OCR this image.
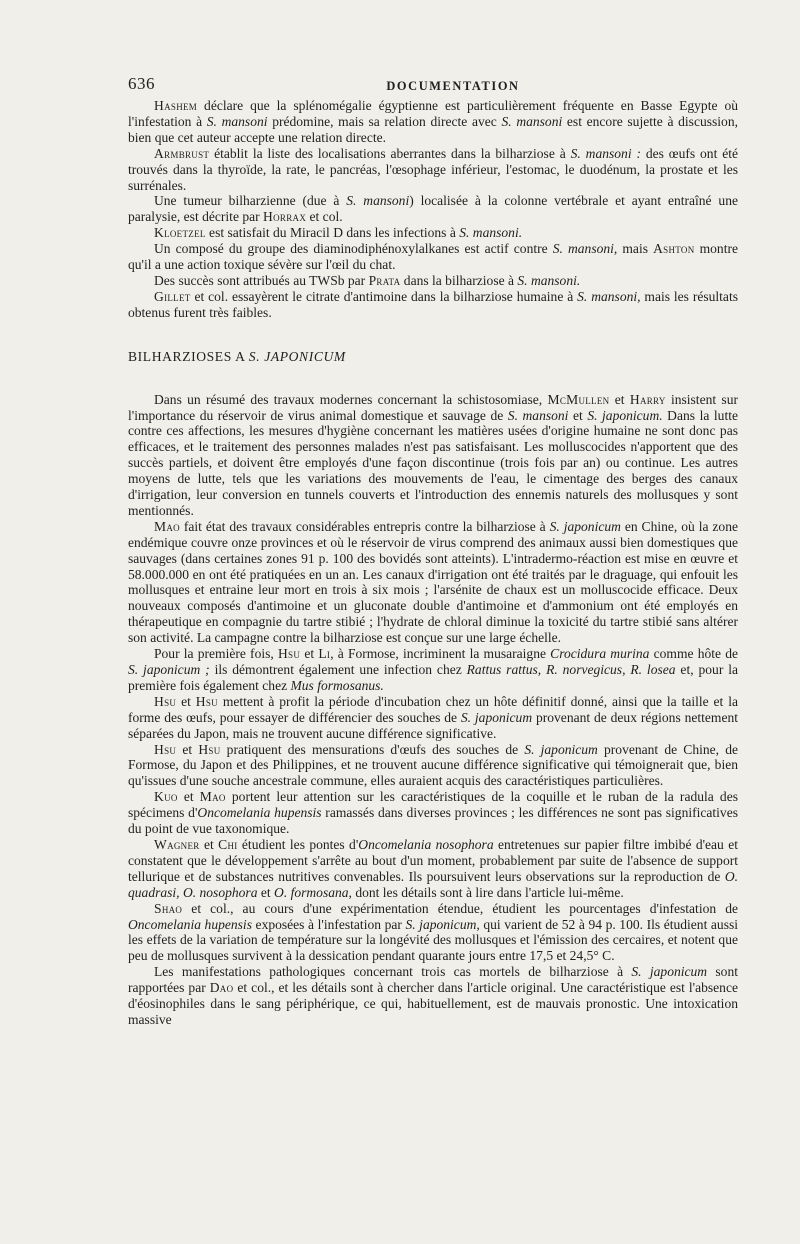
636	DOCUMENTATION

Hashem déclare que la splénomégalie égyptienne est particulièrement fréquente en Basse Egypte où l'infestation à S. mansoni prédomine, mais sa relation directe avec S. mansoni est encore sujette à discussion, bien que cet auteur accepte une relation directe.

Armbrust établit la liste des localisations aberrantes dans la bilharziose à S. mansoni : des œufs ont été trouvés dans la thyroïde, la rate, le pancréas, l'œsophage inférieur, l'estomac, le duodénum, la prostate et les surrénales.

Une tumeur bilharzienne (due à S. mansoni) localisée à la colonne vertébrale et ayant entraîné une paralysie, est décrite par Horrax et col.

Kloetzel est satisfait du Miracil D dans les infections à S. mansoni.

Un composé du groupe des diaminodiphénoxylalkanes est actif contre S. mansoni, mais Ashton montre qu'il a une action toxique sévère sur l'œil du chat.

Des succès sont attribués au TWSb par Prata dans la bilharziose à S. mansoni.

Gillet et col. essayèrent le citrate d'antimoine dans la bilharziose humaine à S. mansoni, mais les résultats obtenus furent très faibles.

BILHARZIOSES A S. JAPONICUM

Dans un résumé des travaux modernes concernant la schistosomiase, McMullen et Harry insistent sur l'importance du réservoir de virus animal domestique et sauvage de S. mansoni et S. japonicum. Dans la lutte contre ces affections, les mesures d'hygiène concernant les matières usées d'origine humaine ne sont donc pas efficaces, et le traitement des personnes malades n'est pas satisfaisant. Les molluscocides n'apportent que des succès partiels, et doivent être employés d'une façon discontinue (trois fois par an) ou continue. Les autres moyens de lutte, tels que les variations des mouvements de l'eau, le cimentage des berges des canaux d'irrigation, leur conversion en tunnels couverts et l'introduction des ennemis naturels des mollusques y sont mentionnés.

Mao fait état des travaux considérables entrepris contre la bilharziose à S. japonicum en Chine, où la zone endémique couvre onze provinces et où le réservoir de virus comprend des animaux aussi bien domestiques que sauvages (dans certaines zones 91 p. 100 des bovidés sont atteints). L'intradermo-réaction est mise en œuvre et 58.000.000 en ont été pratiquées en un an. Les canaux d'irrigation ont été traités par le draguage, qui enfouit les mollusques et entraine leur mort en trois à six mois ; l'arsénite de chaux est un molluscocide efficace. Deux nouveaux composés d'antimoine et un gluconate double d'antimoine et d'ammonium ont été employés en thérapeutique en compagnie du tartre stibié ; l'hydrate de chloral diminue la toxicité du tartre stibié sans altérer son activité. La campagne contre la bilharziose est conçue sur une large échelle.

Pour la première fois, Hsu et Li, à Formose, incriminent la musaraigne Crocidura murina comme hôte de S. japonicum ; ils démontrent également une infection chez Rattus rattus, R. norvegicus, R. losea et, pour la première fois également chez Mus formosanus.

Hsu et Hsu mettent à profit la période d'incubation chez un hôte définitif donné, ainsi que la taille et la forme des œufs, pour essayer de différencier des souches de S. japonicum provenant de deux régions nettement séparées du Japon, mais ne trouvent aucune différence significative.

Hsu et Hsu pratiquent des mensurations d'œufs des souches de S. japonicum provenant de Chine, de Formose, du Japon et des Philippines, et ne trouvent aucune différence significative qui témoignerait que, bien qu'issues d'une souche ancestrale commune, elles auraient acquis des caractéristiques particulières.

Kuo et Mao portent leur attention sur les caractéristiques de la coquille et le ruban de la radula des spécimens d'Oncomelania hupensis ramassés dans diverses provinces ; les différences ne sont pas significatives du point de vue taxonomique.

Wagner et Chi étudient les pontes d'Oncomelania nosophora entretenues sur papier filtre imbibé d'eau et constatent que le développement s'arrête au bout d'un moment, probablement par suite de l'absence de support tellurique et de substances nutritives convenables. Ils poursuivent leurs observations sur la reproduction de O. quadrasi, O. nosophora et O. formosana, dont les détails sont à lire dans l'article lui-même.

Shao et col., au cours d'une expérimentation étendue, étudient les pourcentages d'infestation de Oncomelania hupensis exposées à l'infestation par S. japonicum, qui varient de 52 à 94 p. 100. Ils étudient aussi les effets de la variation de température sur la longévité des mollusques et l'émission des cercaires, et notent que peu de mollusques survivent à la dessication pendant quarante jours entre 17,5 et 24,5° C.

Les manifestations pathologiques concernant trois cas mortels de bilharziose à S. japonicum sont rapportées par Dao et col., et les détails sont à chercher dans l'article original. Une caractéristique est l'absence d'éosinophiles dans le sang périphérique, ce qui, habituellement, est de mauvais pronostic. Une intoxication massive
